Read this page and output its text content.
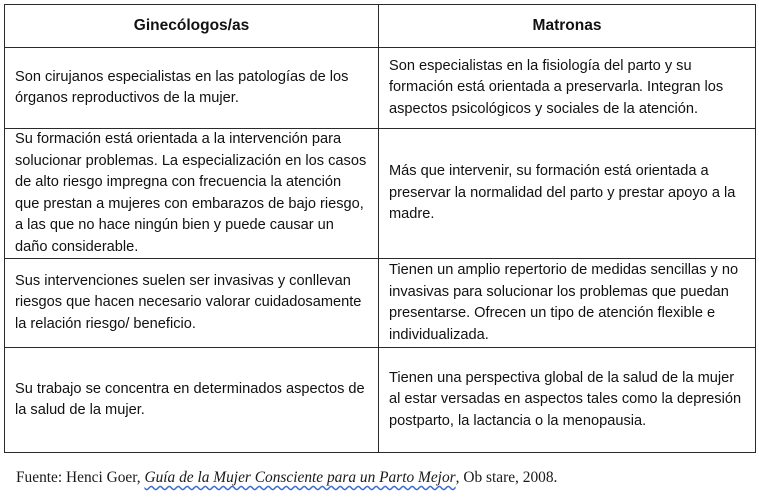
Ginecólogos/as	Matronas

Son cirujanos especialistas en las patologías de los órganos reproductivos de la mujer.	Son especialistas en la fisiología del parto y su formación está orientada a preservarla. Integran los aspectos psicológicos y sociales de la atención.

Su formación está orientada a la intervención para solucionar problemas. La especialización en los casos de alto riesgo impregna con frecuencia la atención que prestan a mujeres con embarazos de bajo riesgo, a las que no hace ningún bien y puede causar un daño considerable.	Más que intervenir, su formación está orientada a preservar la normalidad del parto y prestar apoyo a la madre.

Sus intervenciones suelen ser invasivas y conllevan riesgos que hacen necesario valorar cuidadosamente la relación riesgo/ beneficio.	Tienen un amplio repertorio de medidas sencillas y no invasivas para solucionar los problemas que puedan presentarse. Ofrecen un tipo de atención flexible e individualizada.

Su trabajo se concentra en determinados aspectos de la salud de la mujer.	Tienen una perspectiva global de la salud de la mujer al estar versadas en aspectos tales como la depresión postparto, la lactancia o la menopausia.
Fuente: Henci Goer, Guía de la Mujer Consciente para un Parto Mejor, Ob stare, 2008.
